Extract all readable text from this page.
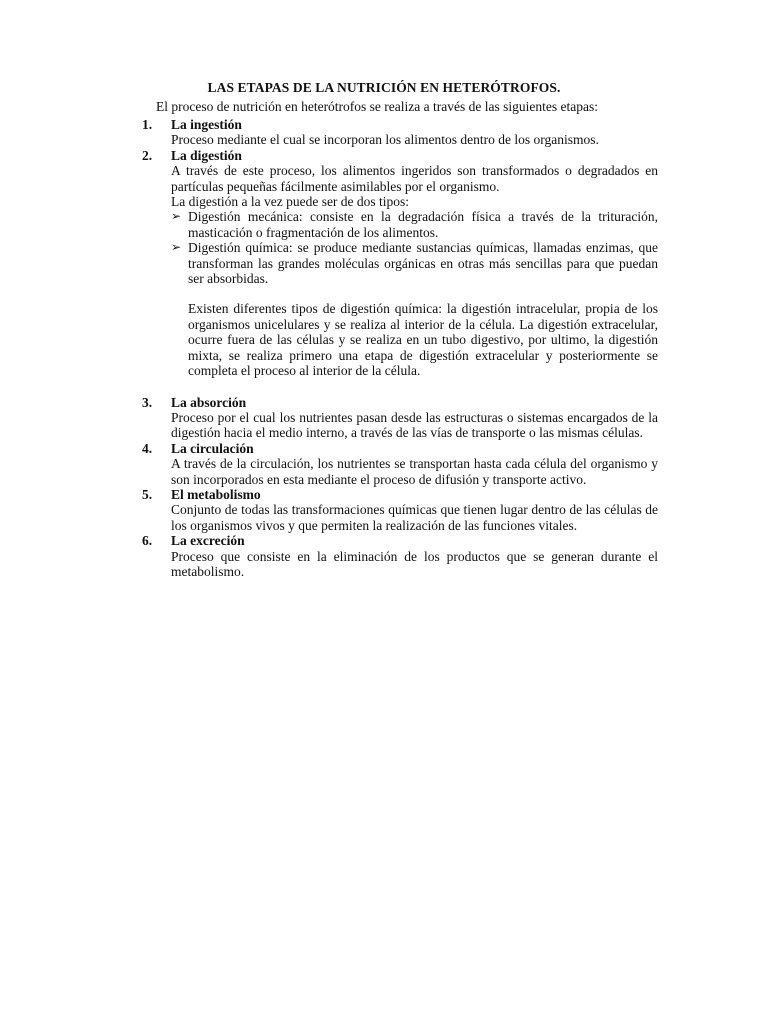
LAS ETAPAS DE LA NUTRICIÓN EN HETERÓTROFOS.
El proceso de nutrición en heterótrofos se realiza a través de las siguientes etapas:
1.	La ingestión
Proceso mediante el cual se incorporan los alimentos dentro de los organismos.
2.	La digestión
A través de este proceso, los alimentos ingeridos son transformados o degradados en partículas pequeñas fácilmente asimilables por el organismo.
La digestión a la vez puede ser de dos tipos:
➢ Digestión mecánica: consiste en la degradación física a través de la trituración, masticación o fragmentación de los alimentos.
➢ Digestión química: se produce mediante sustancias químicas, llamadas enzimas, que transforman las grandes moléculas orgánicas en otras más sencillas para que puedan ser absorbidas.
Existen diferentes tipos de digestión química: la digestión intracelular, propia de los organismos unicelulares y se realiza al interior de la célula. La digestión extracelular, ocurre fuera de las células y se realiza en un tubo digestivo, por ultimo, la digestión mixta, se realiza primero una etapa de digestión extracelular y posteriormente se completa el proceso al interior de la célula.
3.	La absorción
Proceso por el cual los nutrientes pasan desde las estructuras o sistemas encargados de la digestión hacia el medio interno, a través de las vías de transporte o las mismas células.
4.	La circulación
A través de la circulación, los nutrientes se transportan hasta cada célula del organismo y son incorporados en esta mediante el proceso de difusión y transporte activo.
5.	El metabolismo
Conjunto de todas las transformaciones químicas que tienen lugar dentro de las células de los organismos vivos y que permiten la realización de las funciones vitales.
6.	La excreción
Proceso que consiste en la eliminación de los productos que se generan durante el metabolismo.
